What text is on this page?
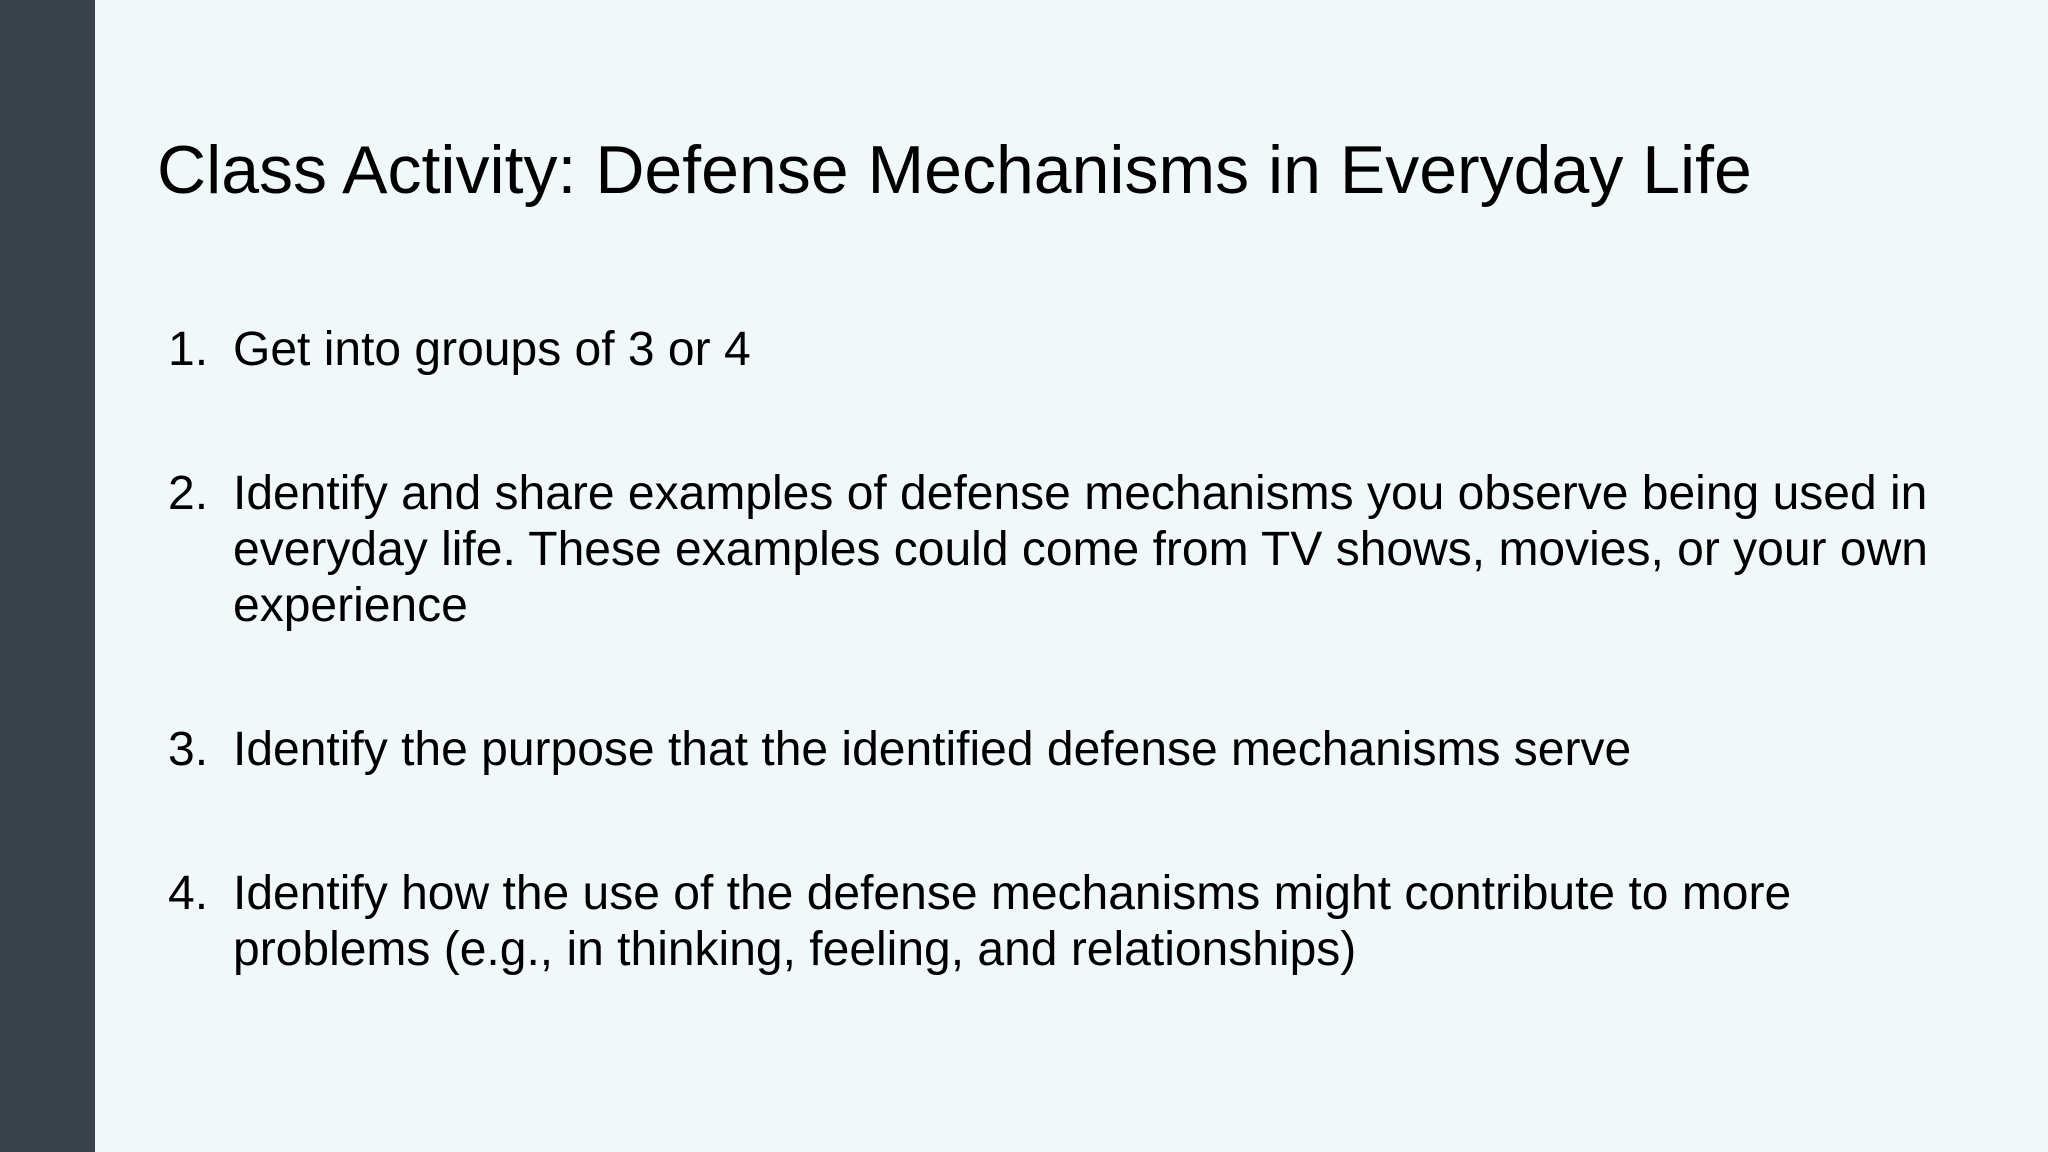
Class Activity: Defense Mechanisms in Everyday Life
1. Get into groups of 3 or 4
2. Identify and share examples of defense mechanisms you observe being used in everyday life. These examples could come from TV shows, movies, or your own experience
3. Identify the purpose that the identified defense mechanisms serve
4. Identify how the use of the defense mechanisms might contribute to more problems (e.g., in thinking, feeling, and relationships)
